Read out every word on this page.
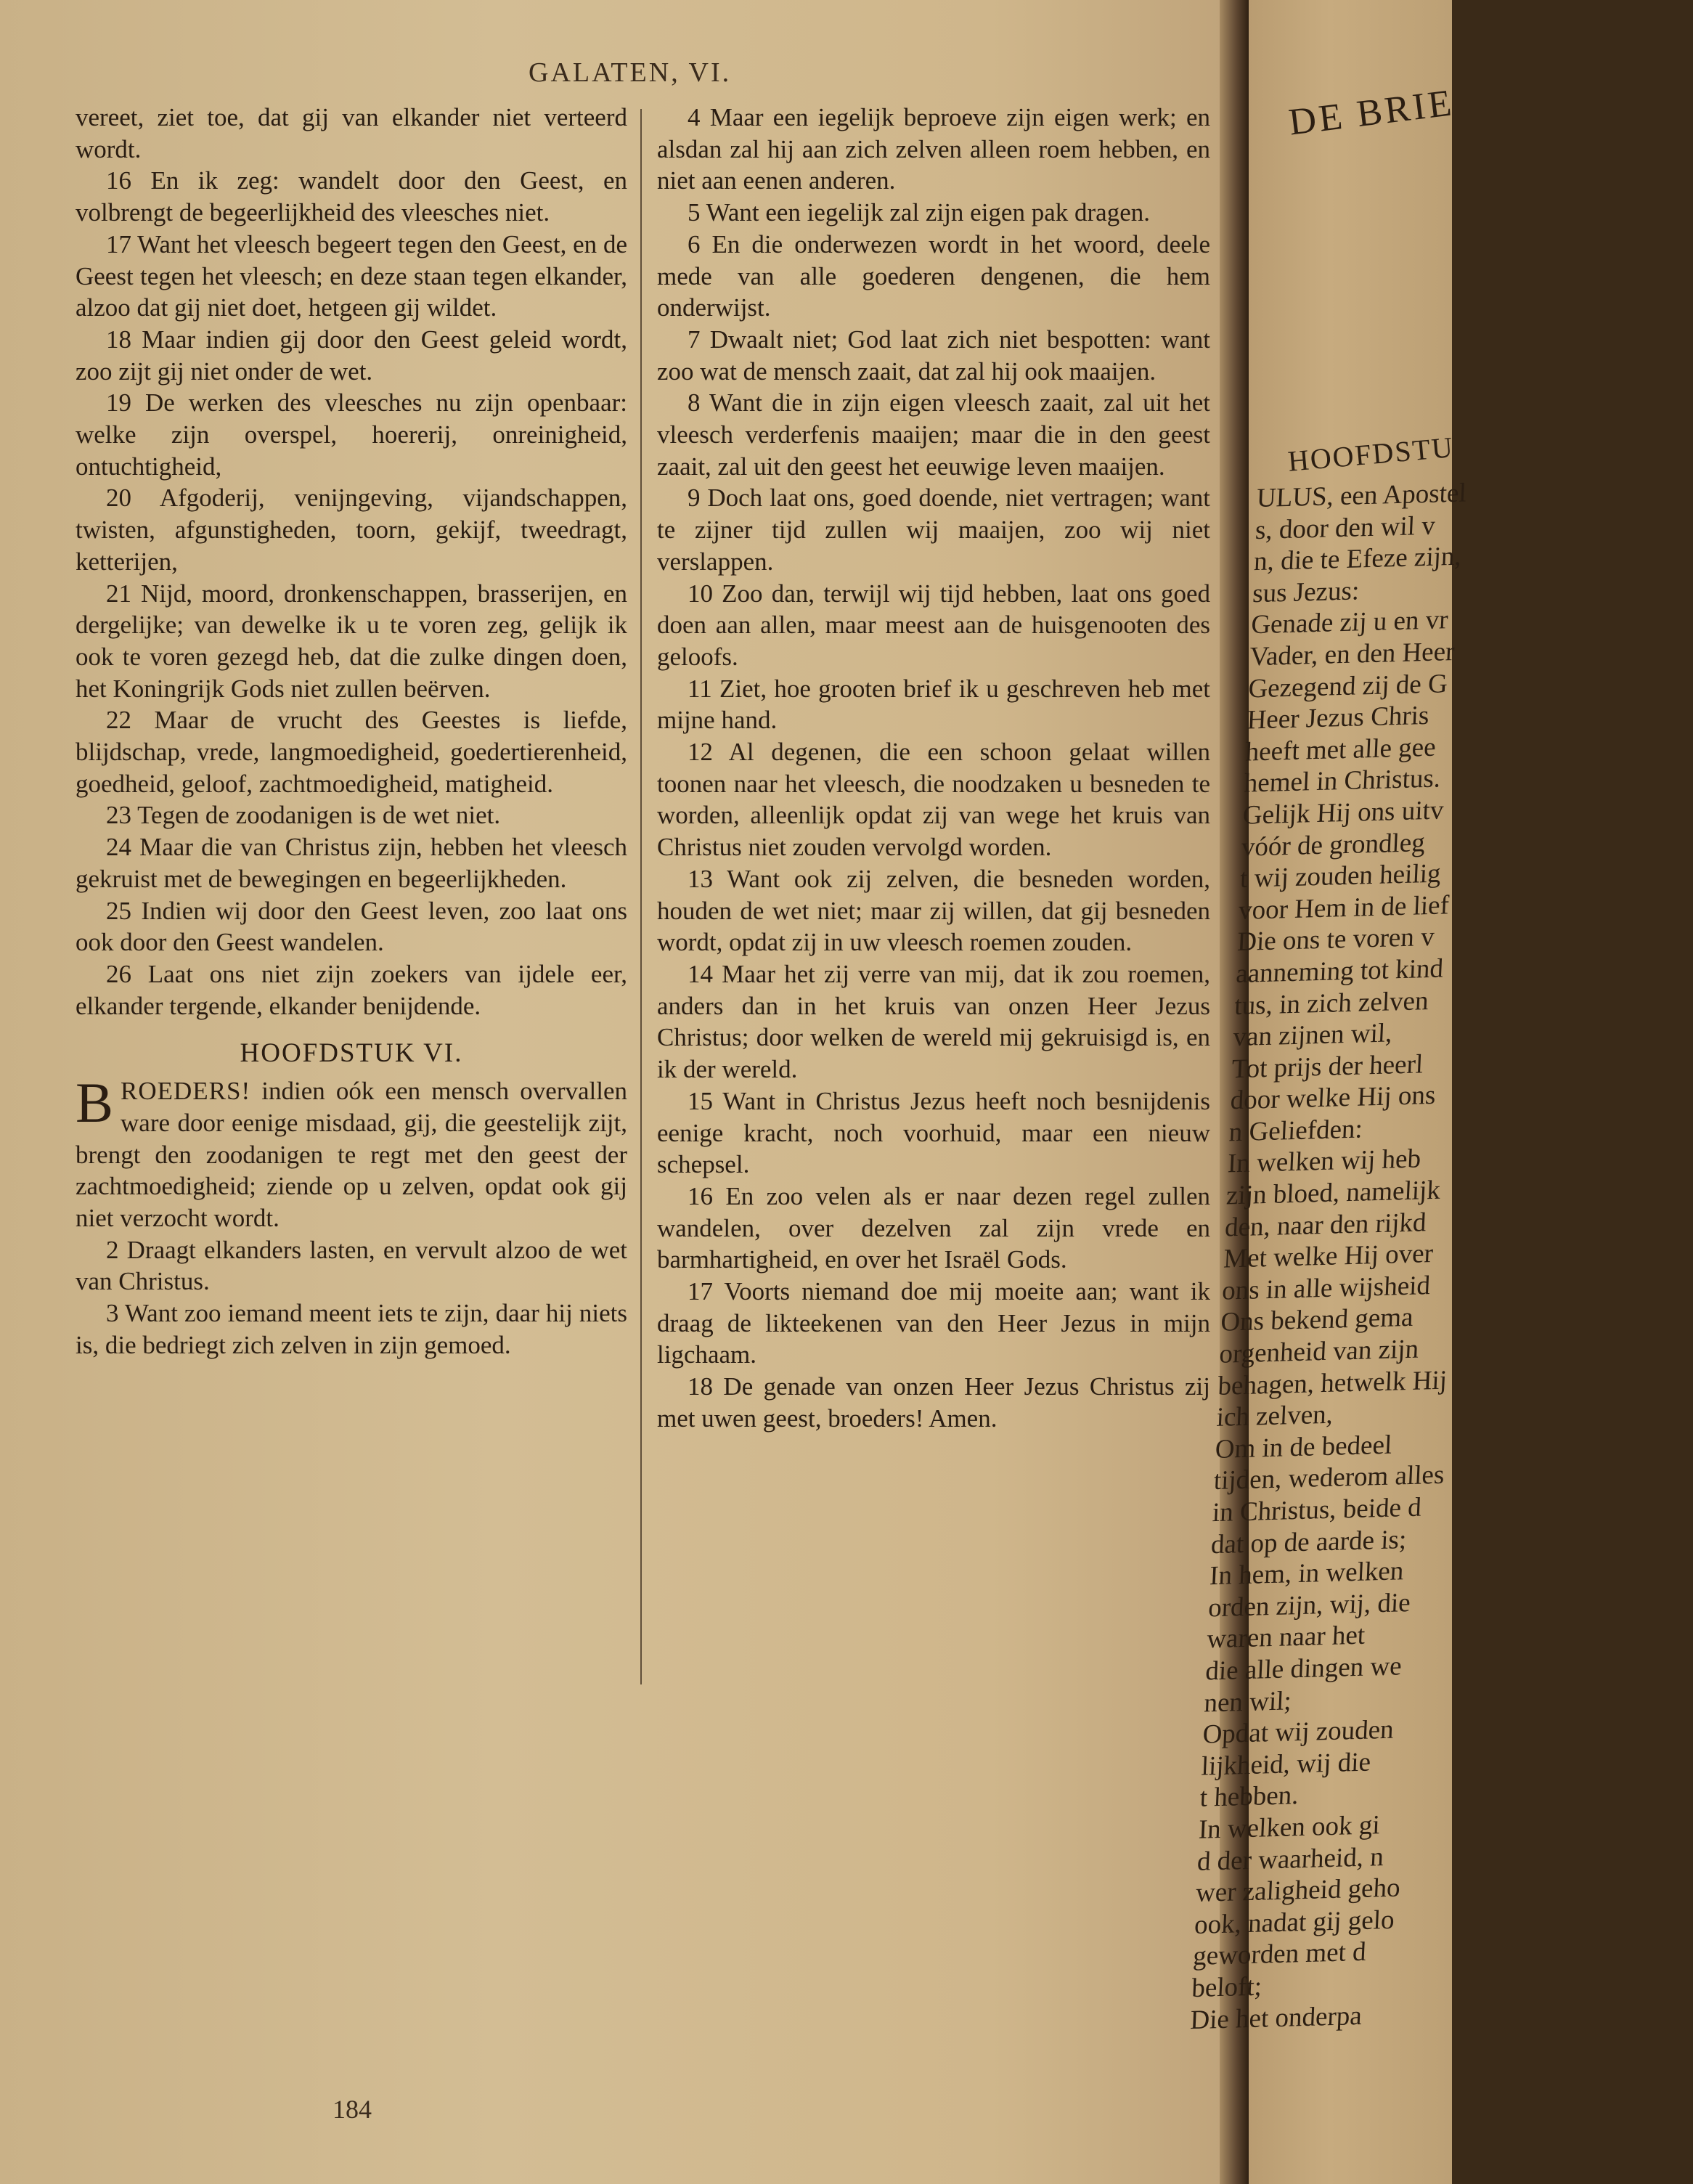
GALATEN, VI.

vereet, ziet toe, dat gij van elkander niet verteerd wordt.

16 En ik zeg: wandelt door den Geest, en volbrengt de begeerlijkheid des vleesches niet.

17 Want het vleesch begeert tegen den Geest, en de Geest tegen het vleesch; en deze staan tegen elkander, alzoo dat gij niet doet, hetgeen gij wildet.

18 Maar indien gij door den Geest geleid wordt, zoo zijt gij niet onder de wet.

19 De werken des vleesches nu zijn openbaar: welke zijn overspel, hoererij, onreinigheid, ontuchtigheid,

20 Afgoderij, venijngeving, vijandschappen, twisten, afgunstigheden, toorn, gekijf, tweedragt, ketterijen,

21 Nijd, moord, dronkenschappen, brasserijen, en dergelijke; van dewelke ik u te voren zeg, gelijk ik ook te voren gezegd heb, dat die zulke dingen doen, het Koningrijk Gods niet zullen beërven.

22 Maar de vrucht des Geestes is liefde, blijdschap, vrede, langmoedigheid, goedertierenheid, goedheid, geloof, zachtmoedigheid, matigheid.

23 Tegen de zoodanigen is de wet niet.

24 Maar die van Christus zijn, hebben het vleesch gekruist met de bewegingen en begeerlijkheden.

25 Indien wij door den Geest leven, zoo laat ons ook door den Geest wandelen.

26 Laat ons niet zijn zoekers van ijdele eer, elkander tergende, elkander benijdende.

HOOFDSTUK VI.

BROEDERS! indien oók een mensch overvallen ware door eenige misdaad, gij, die geestelijk zijt, brengt den zoodanigen te regt met den geest der zachtmoedigheid; ziende op u zelven, opdat ook gij niet verzocht wordt.

2 Draagt elkanders lasten, en vervult alzoo de wet van Christus.

3 Want zoo iemand meent iets te zijn, daar hij niets is, die bedriegt zich zelven in zijn gemoed.

4 Maar een iegelijk beproeve zijn eigen werk; en alsdan zal hij aan zich zelven alleen roem hebben, en niet aan eenen anderen.

5 Want een iegelijk zal zijn eigen pak dragen.

6 En die onderwezen wordt in het woord, deele mede van alle goederen dengenen, die hem onderwijst.

7 Dwaalt niet; God laat zich niet bespotten: want zoo wat de mensch zaait, dat zal hij ook maaijen.

8 Want die in zijn eigen vleesch zaait, zal uit het vleesch verderfenis maaijen; maar die in den geest zaait, zal uit den geest het eeuwige leven maaijen.

9 Doch laat ons, goed doende, niet vertragen; want te zijner tijd zullen wij maaijen, zoo wij niet verslappen.

10 Zoo dan, terwijl wij tijd hebben, laat ons goed doen aan allen, maar meest aan de huisgenooten des geloofs.

11 Ziet, hoe grooten brief ik u geschreven heb met mijne hand.

12 Al degenen, die een schoon gelaat willen toonen naar het vleesch, die noodzaken u besneden te worden, alleenlijk opdat zij van wege het kruis van Christus niet zouden vervolgd worden.

13 Want ook zij zelven, die besneden worden, houden de wet niet; maar zij willen, dat gij besneden wordt, opdat zij in uw vleesch roemen zouden.

14 Maar het zij verre van mij, dat ik zou roemen, anders dan in het kruis van onzen Heer Jezus Christus; door welken de wereld mij gekruisigd is, en ik der wereld.

15 Want in Christus Jezus heeft noch besnijdenis eenige kracht, noch voorhuid, maar een nieuw schepsel.

16 En zoo velen als er naar dezen regel zullen wandelen, over dezelven zal zijn vrede en barmhartigheid, en over het Israël Gods.

17 Voorts niemand doe mij moeite aan; want ik draag de likteekenen van den Heer Jezus in mijn ligchaam.

18 De genade van onzen Heer Jezus Christus zij met uwen geest, broeders! Amen.

184
DE BRIE
HOOFDSTU
ULUS, een Apostel
s, door den wil v
n, die te Efeze zijn,
sus Jezus:
Genade zij u en vr
Vader, en den Heer
Gezegend zij de G
Heer Jezus Chris
heeft met alle gee
hemel in Christus.
Gelijk Hij ons uitv
vóór de grondleg
t wij zouden heilig
voor Hem in de lief
Die ons te voren v
aanneming tot kind
tus, in zich zelven
van zijnen wil,
Tot prijs der heerl
door welke Hij ons
n Geliefden:
In welken wij heb
zijn bloed, namelijk
den, naar den rijkd
Met welke Hij over
ons in alle wijsheid
Ons bekend gema
orgenheid van zijn
behagen, hetwelk Hij
ich zelven,
Om in de bedeel
tijden, wederom alles
in Christus, beide d
dat op de aarde is;
In hem, in welken
orden zijn, wij, die
waren naar het
die alle dingen we
nen wil;
Opdat wij zouden
lijkheid, wij die
t hebben.
In welken ook gi
d der waarheid, n
wer zaligheid geho
ook, nadat gij gelo
geworden met d
beloft;
Die het onderpa
